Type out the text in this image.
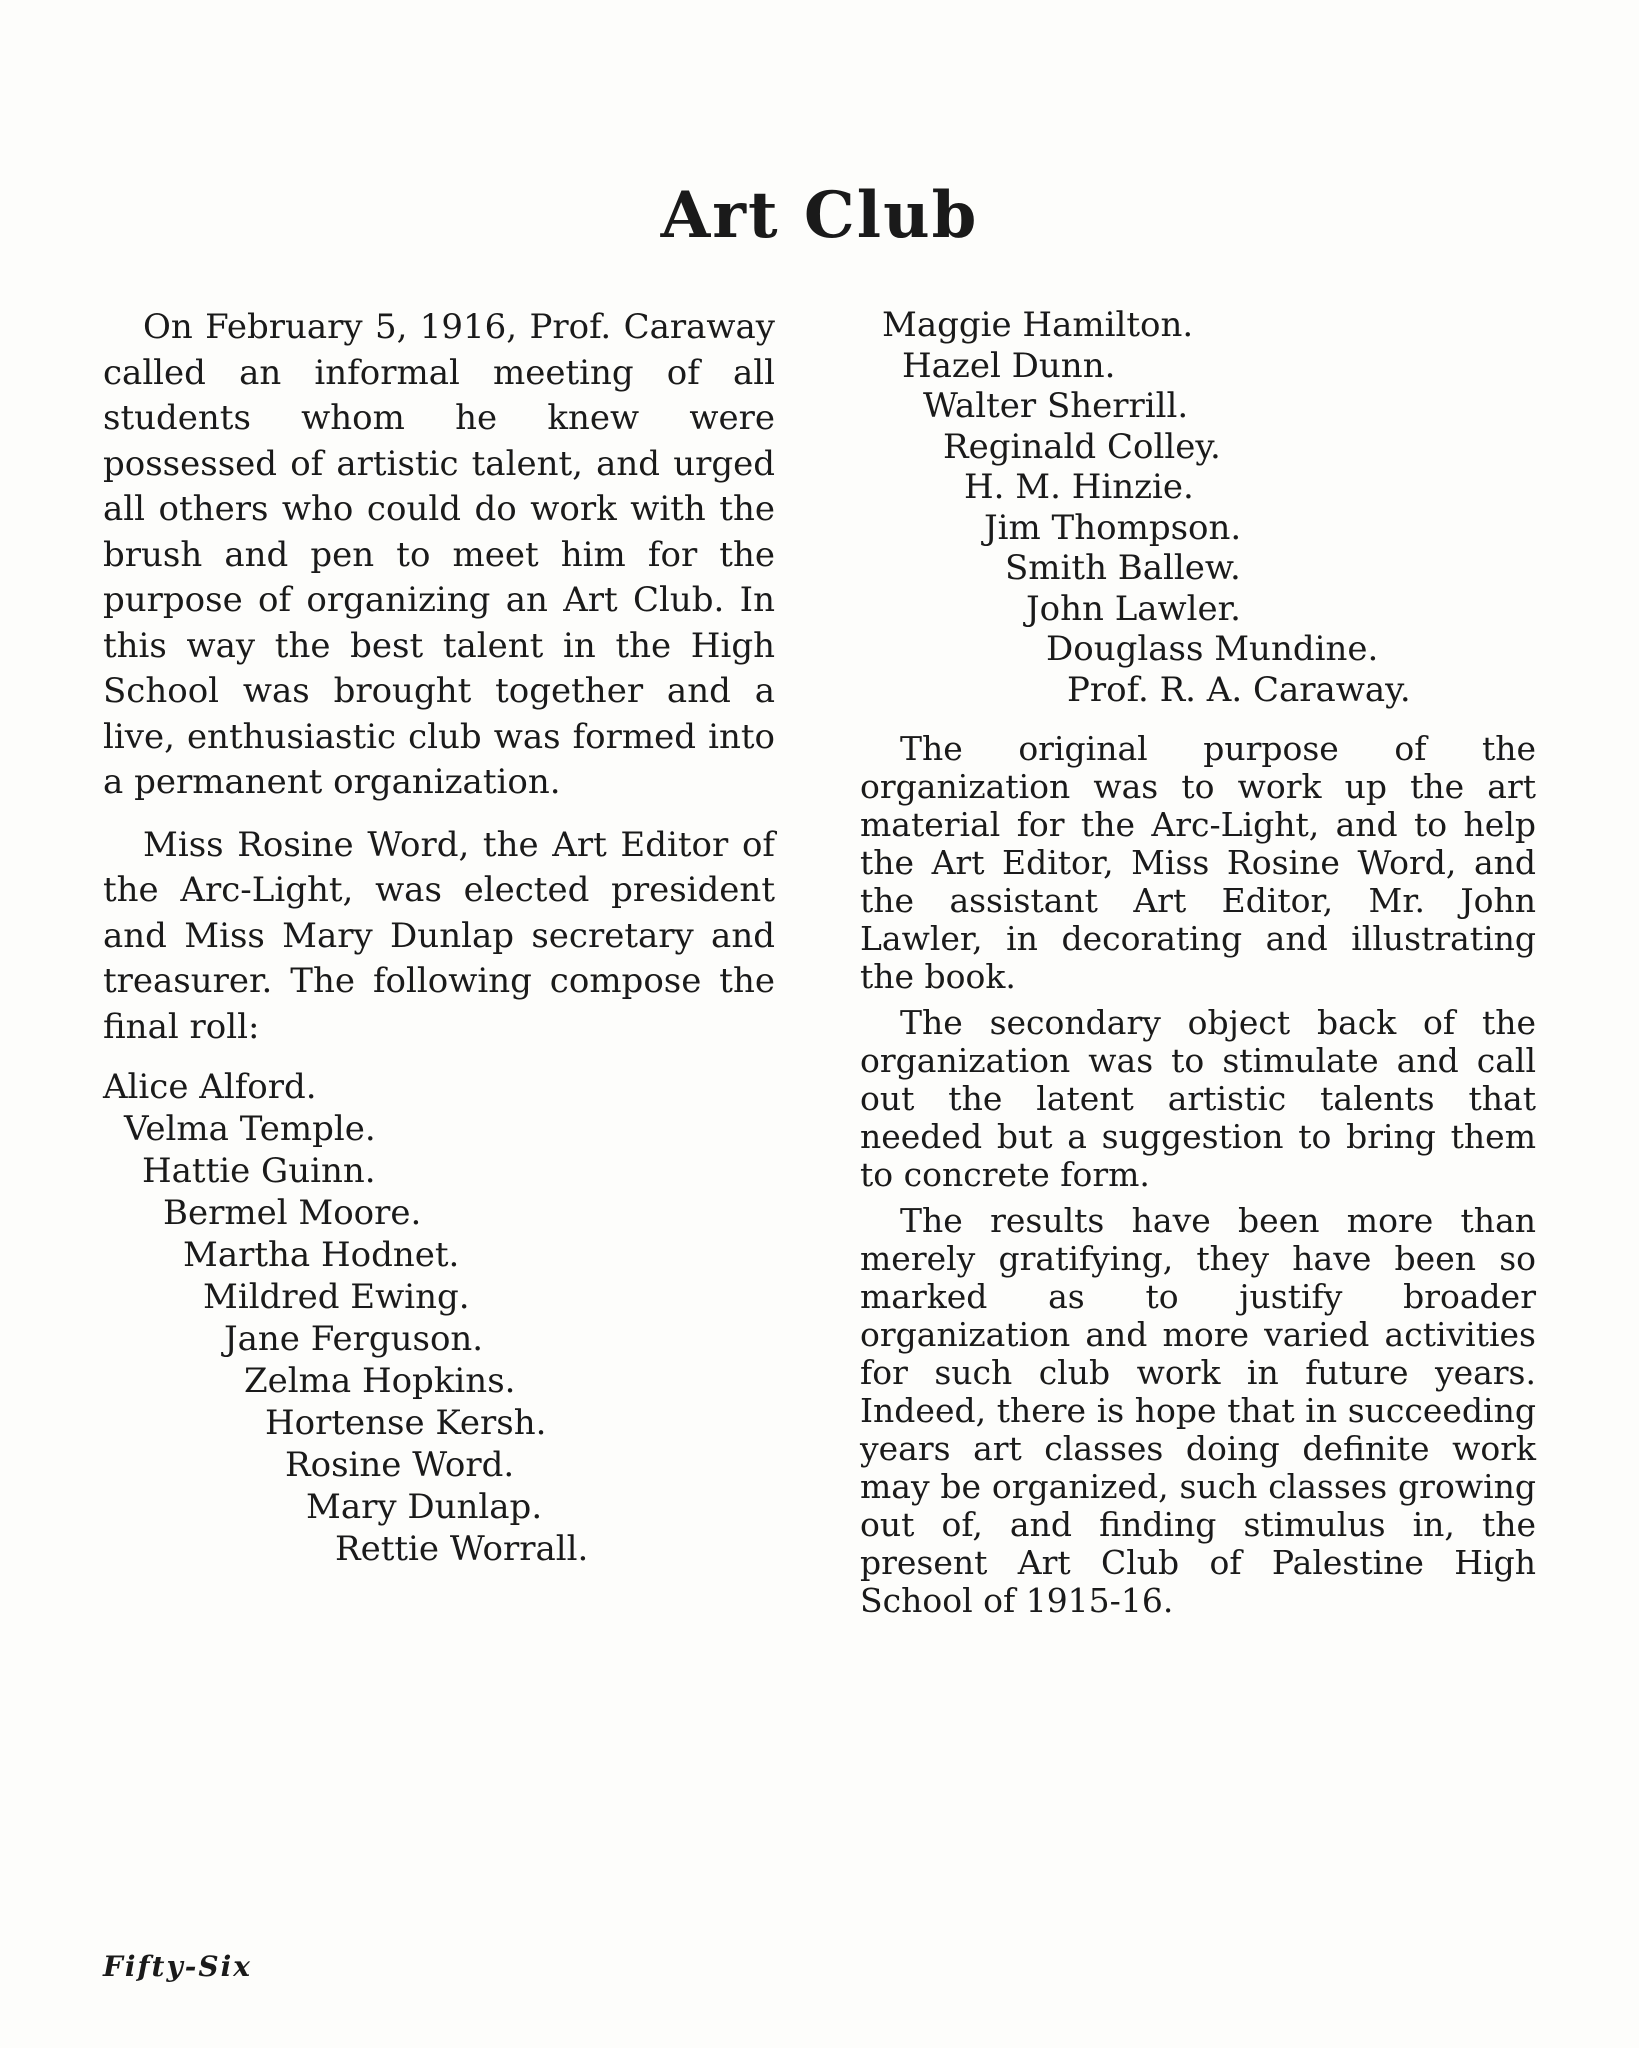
Art Club

On February 5, 1916, Prof. Caraway called an informal meeting of all students whom he knew were possessed of artistic talent, and urged all others who could do work with the brush and pen to meet him for the purpose of organizing an Art Club. In this way the best talent in the High School was brought together and a live, enthusiastic club was formed into a permanent organization.

Miss Rosine Word, the Art Editor of the Arc-Light, was elected president and Miss Mary Dunlap secretary and treasurer. The following compose the final roll:

Alice Alford.
Velma Temple.
Hattie Guinn.
Bermel Moore.
Martha Hodnet.
Mildred Ewing.
Jane Ferguson.
Zelma Hopkins.
Hortense Kersh.
Rosine Word.
Mary Dunlap.
Rettie Worrall.
Maggie Hamilton.
Hazel Dunn.
Walter Sherrill.
Reginald Colley.
H. M. Hinzie.
Jim Thompson.
Smith Ballew.
John Lawler.
Douglass Mundine.
Prof. R. A. Caraway.

The original purpose of the organization was to work up the art material for the Arc-Light, and to help the Art Editor, Miss Rosine Word, and the assistant Art Editor, Mr. John Lawler, in decorating and illustrating the book.

The secondary object back of the organization was to stimulate and call out the latent artistic talents that needed but a suggestion to bring them to concrete form.

The results have been more than merely gratifying, they have been so marked as to justify broader organization and more varied activities for such club work in future years. Indeed, there is hope that in succeeding years art classes doing definite work may be organized, such classes growing out of, and finding stimulus in, the present Art Club of Palestine High School of 1915-16.

Fifty-Six
